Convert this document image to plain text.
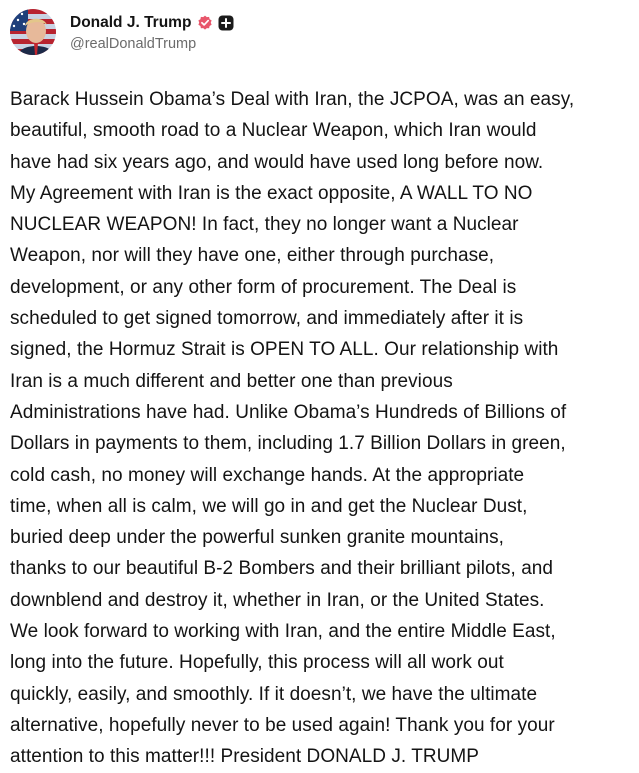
Donald J. Trump
@realDonaldTrump
Barack Hussein Obama’s Deal with Iran, the JCPOA, was an easy,
beautiful, smooth road to a Nuclear Weapon, which Iran would
have had six years ago, and would have used long before now.
My Agreement with Iran is the exact opposite, A WALL TO NO
NUCLEAR WEAPON! In fact, they no longer want a Nuclear
Weapon, nor will they have one, either through purchase,
development, or any other form of procurement. The Deal is
scheduled to get signed tomorrow, and immediately after it is
signed, the Hormuz Strait is OPEN TO ALL. Our relationship with
Iran is a much different and better one than previous
Administrations have had. Unlike Obama’s Hundreds of Billions of
Dollars in payments to them, including 1.7 Billion Dollars in green,
cold cash, no money will exchange hands. At the appropriate
time, when all is calm, we will go in and get the Nuclear Dust,
buried deep under the powerful sunken granite mountains,
thanks to our beautiful B-2 Bombers and their brilliant pilots, and
downblend and destroy it, whether in Iran, or the United States.
We look forward to working with Iran, and the entire Middle East,
long into the future. Hopefully, this process will all work out
quickly, easily, and smoothly. If it doesn’t, we have the ultimate
alternative, hopefully never to be used again! Thank you for your
attention to this matter!!! President DONALD J. TRUMP
